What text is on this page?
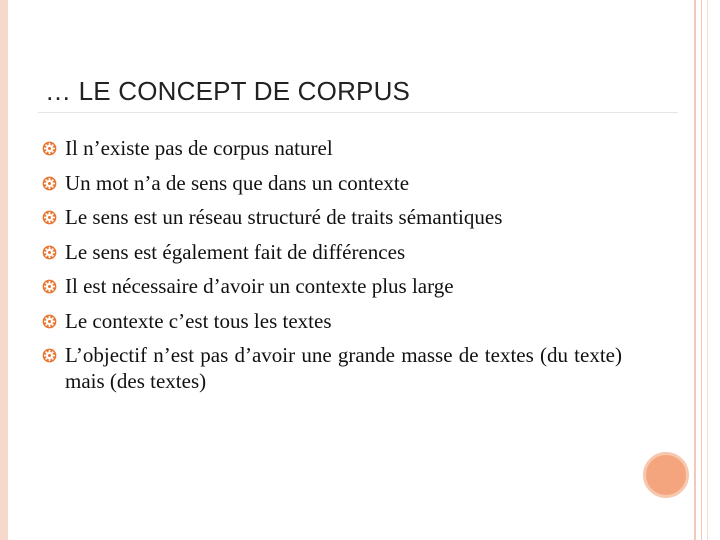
… LE CONCEPT DE CORPUS
Il n’existe pas de corpus naturel
Un mot n’a de sens que dans un contexte
Le sens est un réseau structuré de traits sémantiques
Le sens est également fait de différences
Il est nécessaire d’avoir un contexte plus large
Le contexte c’est tous les textes
L’objectif n’est pas d’avoir une grande masse de textes (du texte) mais (des textes)
